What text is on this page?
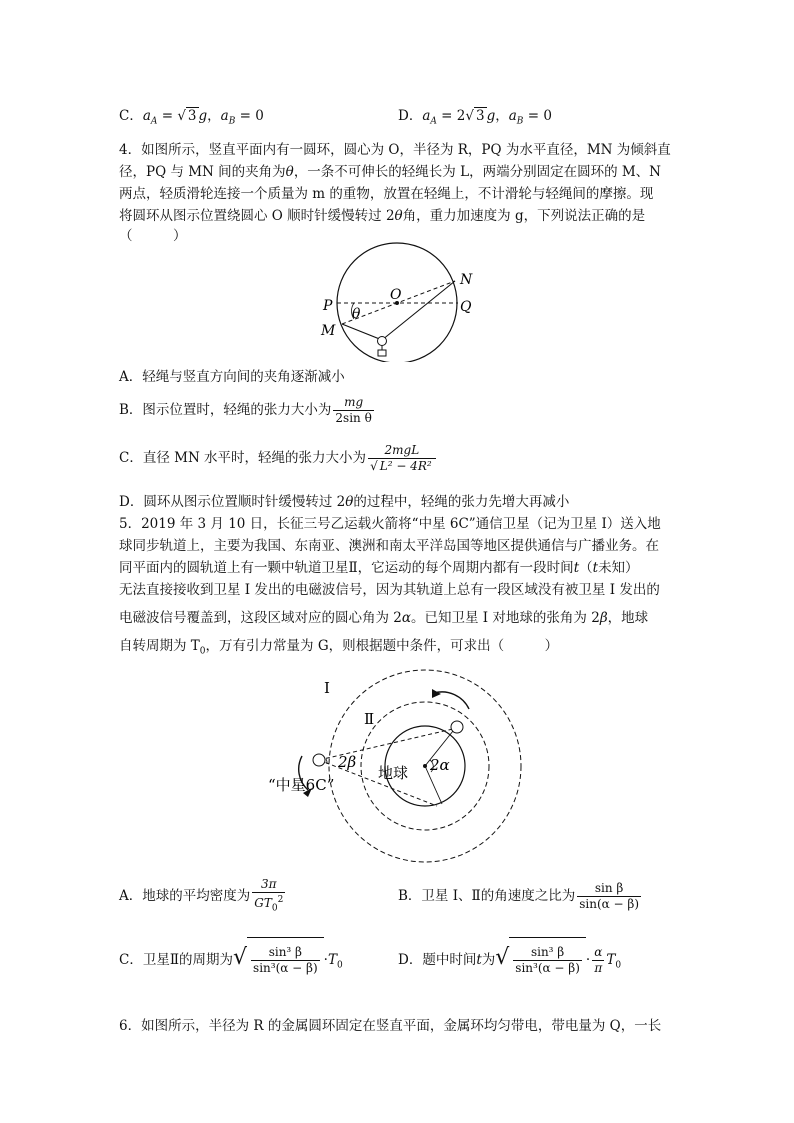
C．$a_A$ = √ 3 g，$a_B = 0$	D．$a_A = 2√$ 3 g，$a_B = 0$
4．如图所示，竖直平面内有一圆环，圆心为 O，半径为 R，PQ 为水平直径，MN 为倾斜直
径，PQ 与 MN 间的夹角为θ，一条不可伸长的轻绳长为 L，两端分别固定在圆环的 M、N
两点，轻质滑轮连接一个质量为 m 的重物，放置在轻绳上，不计滑轮与轻绳间的摩擦。现
将圆环从图示位置绕圆心 O 顺时针缓慢转过 2θ角，重力加速度为 g，下列说法正确的是
（　　　）
N
O
P	Q
M
θ
A．轻绳与竖直方向间的夹角逐渐减小
B．图示位置时，轻绳的张力大小为 $\frac{mg}{\text{2sin θ}}$
C．直径 MN 水平时，轻绳的张力大小为 $\frac{\text{2mgL}}{\text{√ L² − 4R²}}$
D．圆环从图示位置顺时针缓慢转过 2θ的过程中，轻绳的张力先增大再减小
5．2019 年 3 月 10 日，长征三号乙运载火箭将“中星 6C”通信卫星（记为卫星 I）送入地
球同步轨道上，主要为我国、东南亚、澳洲和南太平洋岛国等地区提供通信与广播业务。在
同平面内的圆轨道上有一颗中轨道卫星Ⅱ，它运动的每个周期内都有一段时间t（t未知）
无法直接接收到卫星 I 发出的电磁波信号，因为其轨道上总有一段区域没有被卫星 I 发出的
电磁波信号覆盖到，这段区域对应的圆心角为 2α。已知卫星 I 对地球的张角为 2β，地球
自转周期为 $T_0$，万有引力常量为 G，则根据题中条件，可求出（　　　）
I
Ⅱ
2β	2α
地球
“中星6C”
A．地球的平均密度为 $\frac{3\pi}{GT_0^2}$	B．卫星 I、Ⅱ的角速度之比为 $\frac{\text{sin β}}{\sin(\alpha - \beta)}$
C．卫星Ⅱ的周期为√ $\frac{\text{sin³ β}}{\text{sin³(α − β)}} \cdot T_0$	D．题中时间t为√ $\frac{\text{sin³ β}}{\text{sin³(α − β)}} \cdot \frac{\alpha}{\pi} T_0$
6．如图所示，半径为 R 的金属圆环固定在竖直平面，金属环均匀带电，带电量为 Q，一长
